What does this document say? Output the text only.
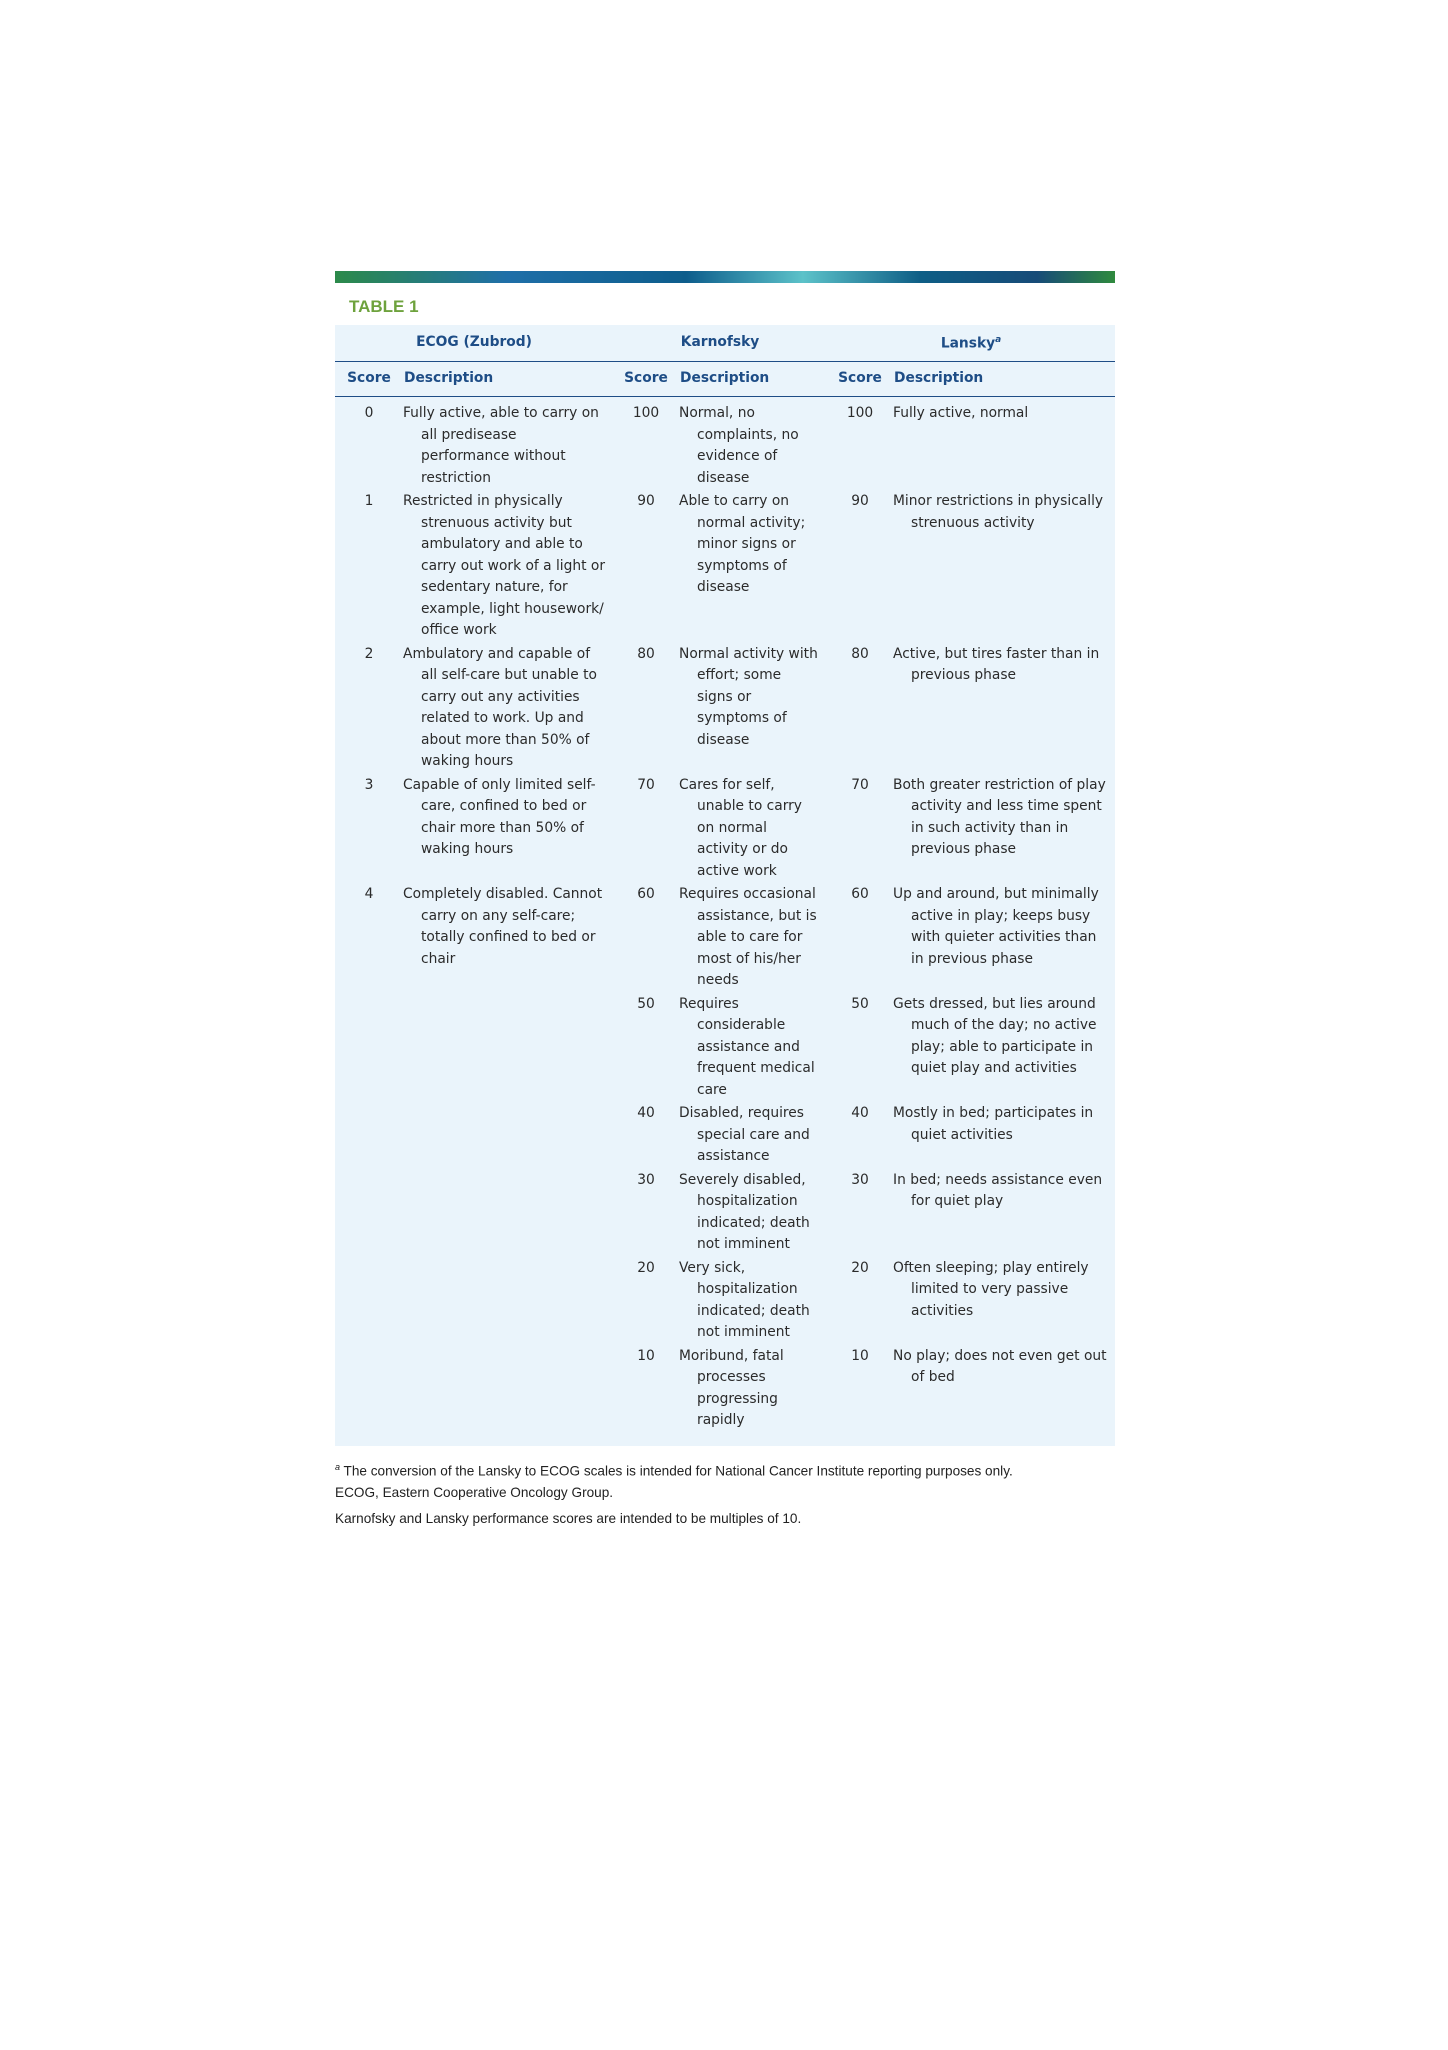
TABLE 1
ECOG (Zubrod)		Karnofsky		Lansky$^a$
Score	Description	Score	Description	Score	Description

0	Fully active, able to carry on all predisease performance without restriction	100	Normal, no complaints, no evidence of disease	100	Fully active, normal

1	Restricted in physically strenuous activity but ambulatory and able to carry out work of a light or sedentary nature, for example, light housework/ office work	90	Able to carry on normal activity; minor signs or symptoms of disease	90	Minor restrictions in physically strenuous activity

2	Ambulatory and capable of all self-care but unable to carry out any activities related to work. Up and about more than 50% of waking hours	80	Normal activity with effort; some signs or symptoms of disease	80	Active, but tires faster than in previous phase

3	Capable of only limited self-care, confined to bed or chair more than 50% of waking hours	70	Cares for self, unable to carry on normal activity or do active work	70	Both greater restriction of play activity and less time spent in such activity than in previous phase

4	Completely disabled. Cannot carry on any self-care; totally confined to bed or chair	60	Requires occasional assistance, but is able to care for most of his/her needs	60	Up and around, but minimally active in play; keeps busy with quieter activities than in previous phase

		50	Requires considerable assistance and frequent medical care	50	Gets dressed, but lies around much of the day; no active play; able to participate in quiet play and activities

		40	Disabled, requires special care and assistance	40	Mostly in bed; participates in quiet activities

		30	Severely disabled, hospitalization indicated; death not imminent	30	In bed; needs assistance even for quiet play

		20	Very sick, hospitalization indicated; death not imminent	20	Often sleeping; play entirely limited to very passive activities

		10	Moribund, fatal processes progressing rapidly	10	No play; does not even get out of bed
$^a$ The conversion of the Lansky to ECOG scales is intended for National Cancer Institute reporting purposes only.
ECOG, Eastern Cooperative Oncology Group.
Karnofsky and Lansky performance scores are intended to be multiples of 10.
